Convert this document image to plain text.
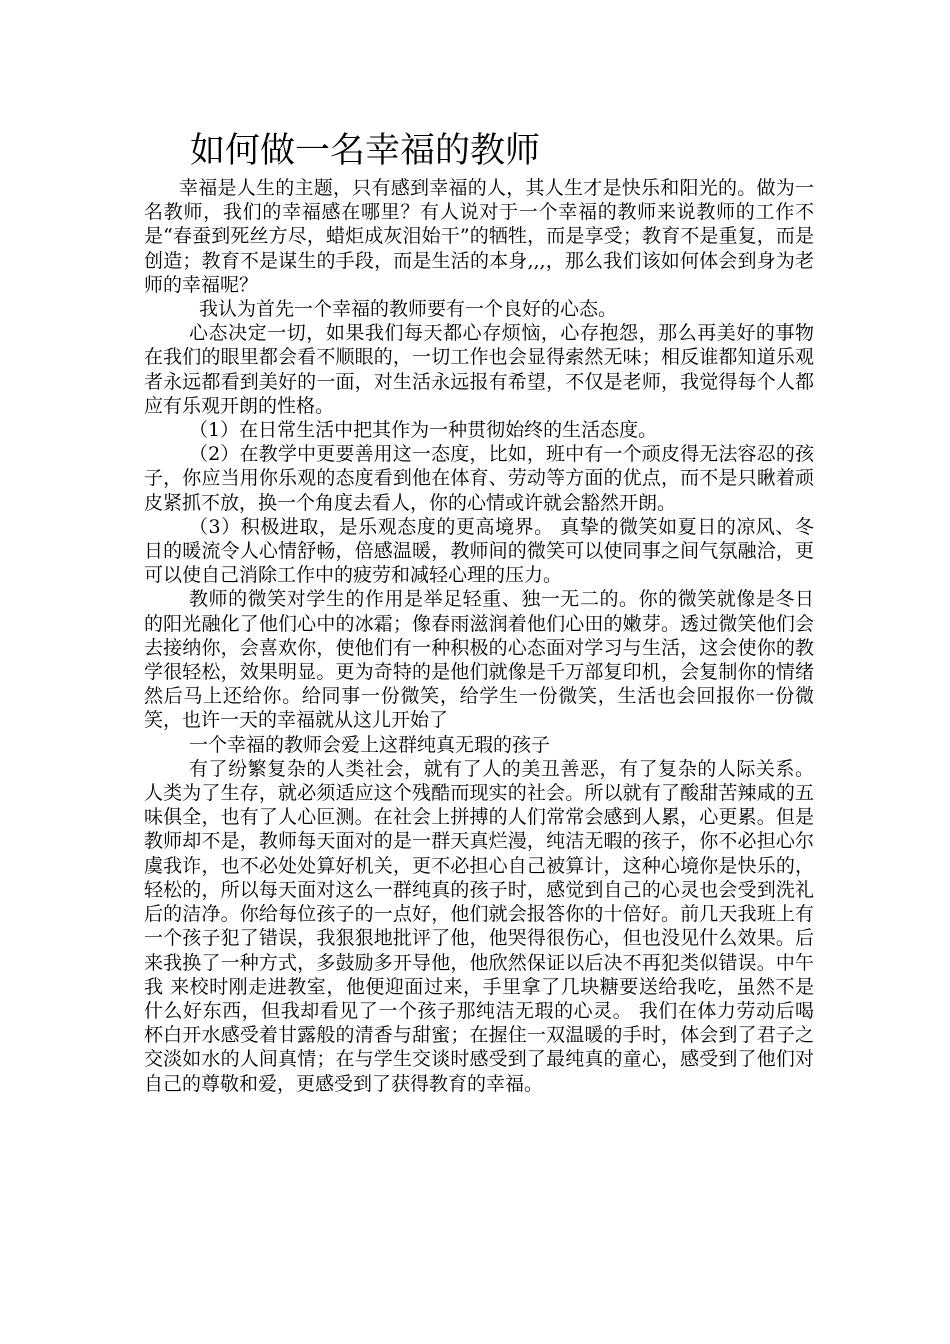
如何做一名幸福的教师

幸福是人生的主题，只有感到幸福的人，其人生才是快乐和阳光的。做为一名教师，我们的幸福感在哪里？有人说对于一个幸福的教师来说教师的工作不是“春蚕到死丝方尽，蜡炬成灰泪始干”的牺牲，而是享受；教育不是重复，而是创造；教育不是谋生的手段，而是生活的本身,,,，那么我们该如何体会到身为老师的幸福呢？

我认为首先一个幸福的教师要有一个良好的心态。

心态决定一切，如果我们每天都心存烦恼，心存抱怨，那么再美好的事物在我们的眼里都会看不顺眼的，一切工作也会显得索然无味；相反谁都知道乐观者永远都看到美好的一面，对生活永远报有希望，不仅是老师，我觉得每个人都应有乐观开朗的性格。

（1）在日常生活中把其作为一种贯彻始终的生活态度。

（2）在教学中更要善用这一态度，比如，班中有一个顽皮得无法容忍的孩子，你应当用你乐观的态度看到他在体育、劳动等方面的优点，而不是只瞅着顽皮紧抓不放，换一个角度去看人，你的心情或许就会豁然开朗。

（3）积极进取，是乐观态度的更高境界。 真挚的微笑如夏日的凉风、冬日的暖流令人心情舒畅，倍感温暖，教师间的微笑可以使同事之间气氛融洽，更可以使自己消除工作中的疲劳和减轻心理的压力。

教师的微笑对学生的作用是举足轻重、独一无二的。你的微笑就像是冬日的阳光融化了他们心中的冰霜；像春雨滋润着他们心田的嫩芽。透过微笑他们会去接纳你，会喜欢你，使他们有一种积极的心态面对学习与生活，这会使你的教学很轻松，效果明显。更为奇特的是他们就像是千万部复印机，会复制你的情绪然后马上还给你。给同事一份微笑，给学生一份微笑，生活也会回报你一份微笑，也许一天的幸福就从这儿开始了

一个幸福的教师会爱上这群纯真无瑕的孩子

有了纷繁复杂的人类社会，就有了人的美丑善恶，有了复杂的人际关系。人类为了生存，就必须适应这个残酷而现实的社会。所以就有了酸甜苦辣咸的五味俱全，也有了人心叵测。在社会上拼搏的人们常常会感到人累，心更累。但是教师却不是，教师每天面对的是一群天真烂漫，纯洁无暇的孩子，你不必担心尔虞我诈，也不必处处算好机关，更不必担心自己被算计，这种心境你是快乐的，轻松的，所以每天面对这么一群纯真的孩子时，感觉到自己的心灵也会受到洗礼后的洁净。你给每位孩子的一点好，他们就会报答你的十倍好。前几天我班上有一个孩子犯了错误，我狠狠地批评了他，他哭得很伤心，但也没见什么效果。后来我换了一种方式，多鼓励多开导他，他欣然保证以后决不再犯类似错误。中午我 来校时刚走进教室，他便迎面过来，手里拿了几块糖要送给我吃，虽然不是什么好东西，但我却看见了一个孩子那纯洁无瑕的心灵。 我们在体力劳动后喝杯白开水感受着甘露般的清香与甜蜜；在握住一双温暖的手时，体会到了君子之交淡如水的人间真情；在与学生交谈时感受到了最纯真的童心，感受到了他们对自己的尊敬和爱，更感受到了获得教育的幸福。
